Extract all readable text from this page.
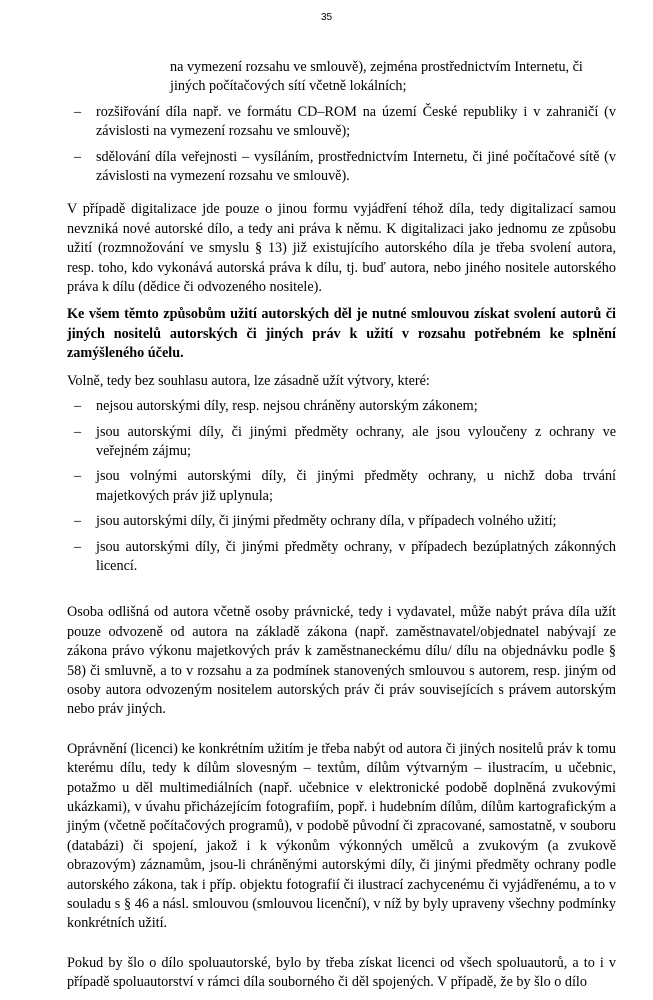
35

na vymezení rozsahu ve smlouvě), zejména prostřednictvím Internetu, či jiných počítačových sítí včetně lokálních;

– rozšiřování díla např. ve formátu CD–ROM na území České republiky i v zahraničí (v závislosti na vymezení rozsahu ve smlouvě);
– sdělování díla veřejnosti – vysíláním, prostřednictvím Internetu, či jiné počítačové sítě (v závislosti na vymezení rozsahu ve smlouvě).

V případě digitalizace jde pouze o jinou formu vyjádření téhož díla, tedy digitalizací samou nevzniká nové autorské dílo, a tedy ani práva k němu. K digitalizaci jako jednomu ze způsobu užití (rozmnožování ve smyslu § 13) již existujícího autorského díla je třeba svolení autora, resp. toho, kdo vykonává autorská práva k dílu, tj. buď autora, nebo jiného nositele autorského práva k dílu (dědice či odvozeného nositele).

Ke všem těmto způsobům užití autorských děl je nutné smlouvou získat svolení autorů či jiných nositelů autorských či jiných práv k užití v rozsahu potřebném ke splnění zamýšleného účelu.

Volně, tedy bez souhlasu autora, lze zásadně užít výtvory, které:

– nejsou autorskými díly, resp. nejsou chráněny autorským zákonem;
– jsou autorskými díly, či jinými předměty ochrany, ale jsou vyloučeny z ochrany ve veřejném zájmu;
– jsou volnými autorskými díly, či jinými předměty ochrany, u nichž doba trvání majetkových práv již uplynula;
– jsou autorskými díly, či jinými předměty ochrany díla, v případech volného užití;
– jsou autorskými díly, či jinými předměty ochrany, v případech bezúplatných zákonných licencí.

Osoba odlišná od autora včetně osoby právnické, tedy i vydavatel, může nabýt práva díla užít pouze odvozeně od autora na základě zákona (např. zaměstnavatel/objednatel nabývají ze zákona právo výkonu majetkových práv k zaměstnaneckému dílu/ dílu na objednávku podle § 58) či smluvně, a to v rozsahu a za podmínek stanovených smlouvou s autorem, resp. jiným od osoby autora odvozeným nositelem autorských práv či práv souvisejících s právem autorským nebo práv jiných.

Oprávnění (licenci) ke konkrétním užitím je třeba nabýt od autora či jiných nositelů práv k tomu kterému dílu, tedy k dílům slovesným – textům, dílům výtvarným – ilustracím, u učebnic, potažmo u děl multimediálních (např. učebnice v elektronické podobě doplněná zvukovými ukázkami), v úvahu přicházejícím fotografiím, popř. i hudebním dílům, dílům kartografickým a jiným (včetně počítačových programů), v podobě původní či zpracované, samostatně, v souboru (databázi) či spojení, jakož i k výkonům výkonných umělců a zvukovým (a zvukově obrazovým) záznamům, jsou-li chráněnými autorskými díly, či jinými předměty ochrany podle autorského zákona, tak i příp. objektu fotografií či ilustrací zachycenému či vyjádřenému, a to v souladu s § 46 a násl. smlouvou (smlouvou licenční), v níž by byly upraveny všechny podmínky konkrétních užití.

Pokud by šlo o dílo spoluautorské, bylo by třeba získat licenci od všech spoluautorů, a to i v případě spoluautorství v rámci díla souborného či děl spojených. V případě, že by šlo o dílo
